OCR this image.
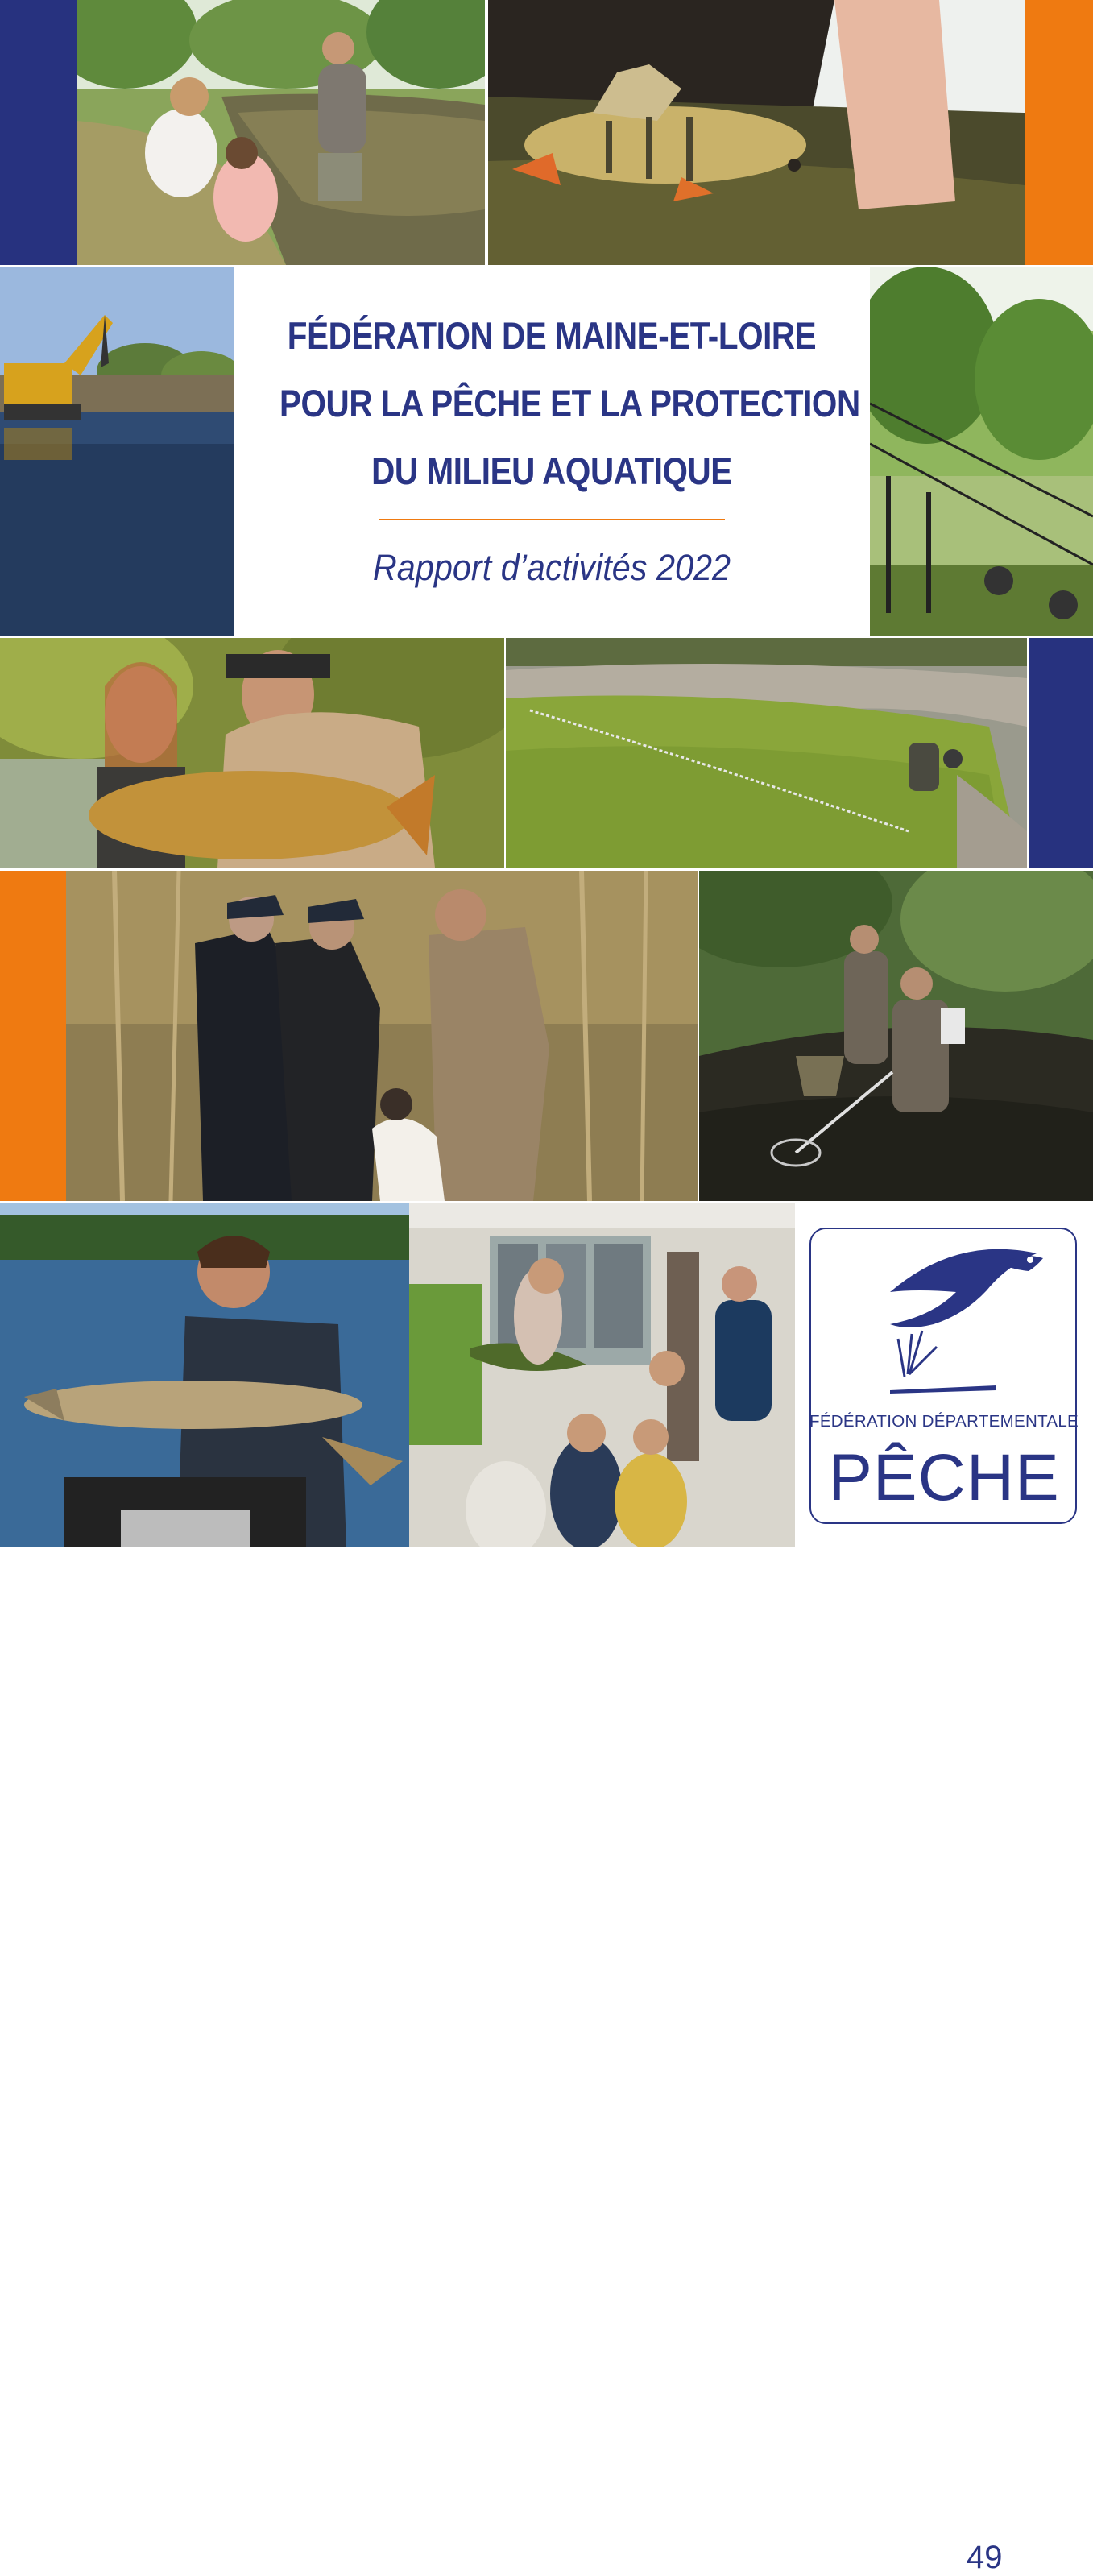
FÉDÉRATION DE MAINE-ET-LOIRE
POUR LA PÊCHE ET LA PROTECTION
DU MILIEU AQUATIQUE
Rapport d’activités 2022
49
FÉDÉRATION DÉPARTEMENTALE
PÊCHE
